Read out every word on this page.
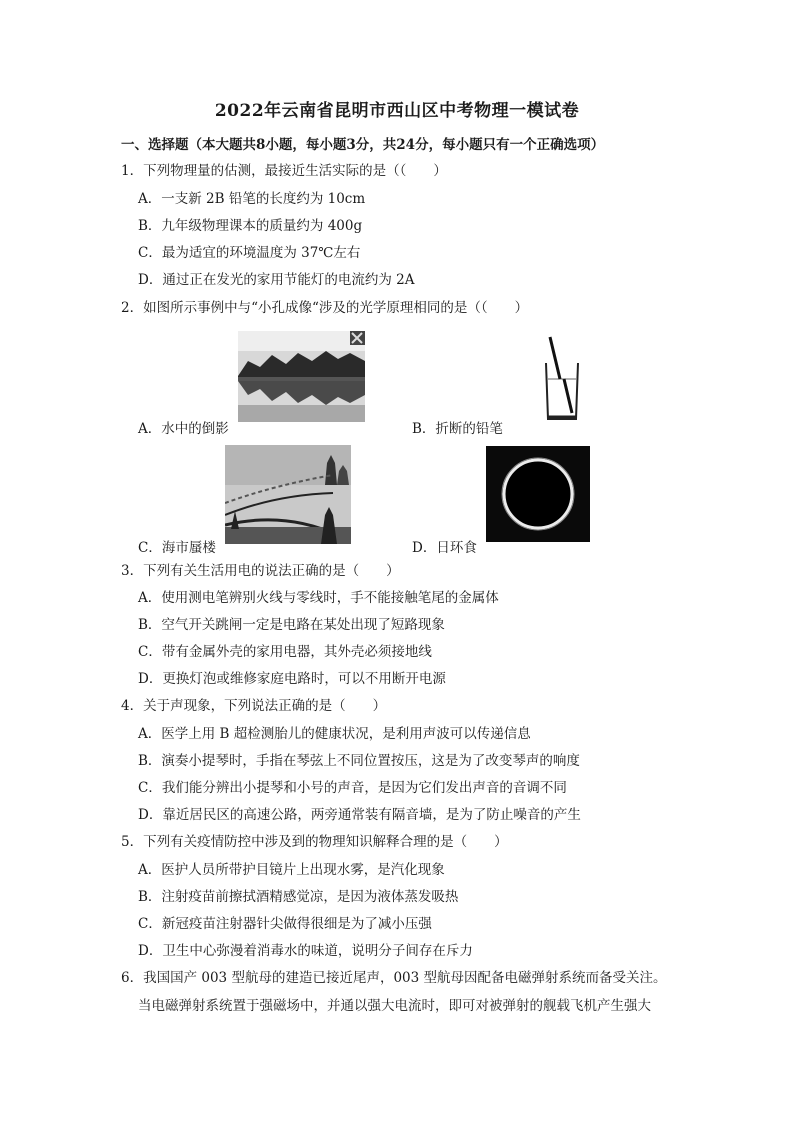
2022年云南省昆明市西山区中考物理一模试卷
一、选择题（本大题共8小题，每小题3分，共24分，每小题只有一个正确选项）
1．下列物理量的估测，最接近生活实际的是（（　　）
A．一支新 2B 铅笔的长度约为 10cm
B．九年级物理课本的质量约为 400g
C．最为适宜的环境温度为 37℃左右
D．通过正在发光的家用节能灯的电流约为 2A
2．如图所示事例中与“小孔成像“涉及的光学原理相同的是（（　　）
A．水中的倒影	B．折断的铅笔
C．海市蜃楼	D．日环食
3．下列有关生活用电的说法正确的是（　　）
A．使用测电笔辨别火线与零线时，手不能接触笔尾的金属体
B．空气开关跳闸一定是电路在某处出现了短路现象
C．带有金属外壳的家用电器，其外壳必须接地线
D．更换灯泡或维修家庭电路时，可以不用断开电源
4．关于声现象，下列说法正确的是（　　）
A．医学上用 B 超检测胎儿的健康状况，是利用声波可以传递信息
B．演奏小提琴时，手指在琴弦上不同位置按压，这是为了改变琴声的响度
C．我们能分辨出小提琴和小号的声音，是因为它们发出声音的音调不同
D．靠近居民区的高速公路，两旁通常装有隔音墙，是为了防止噪音的产生
5．下列有关疫情防控中涉及到的物理知识解释合理的是（　　）
A．医护人员所带护目镜片上出现水雾，是汽化现象
B．注射疫苗前擦拭酒精感觉凉，是因为液体蒸发吸热
C．新冠疫苗注射器针尖做得很细是为了减小压强
D．卫生中心弥漫着消毒水的味道，说明分子间存在斥力
6．我国国产 003 型航母的建造已接近尾声，003 型航母因配备电磁弹射系统而备受关注。
当电磁弹射系统置于强磁场中，并通以强大电流时，即可对被弹射的舰载飞机产生强大
